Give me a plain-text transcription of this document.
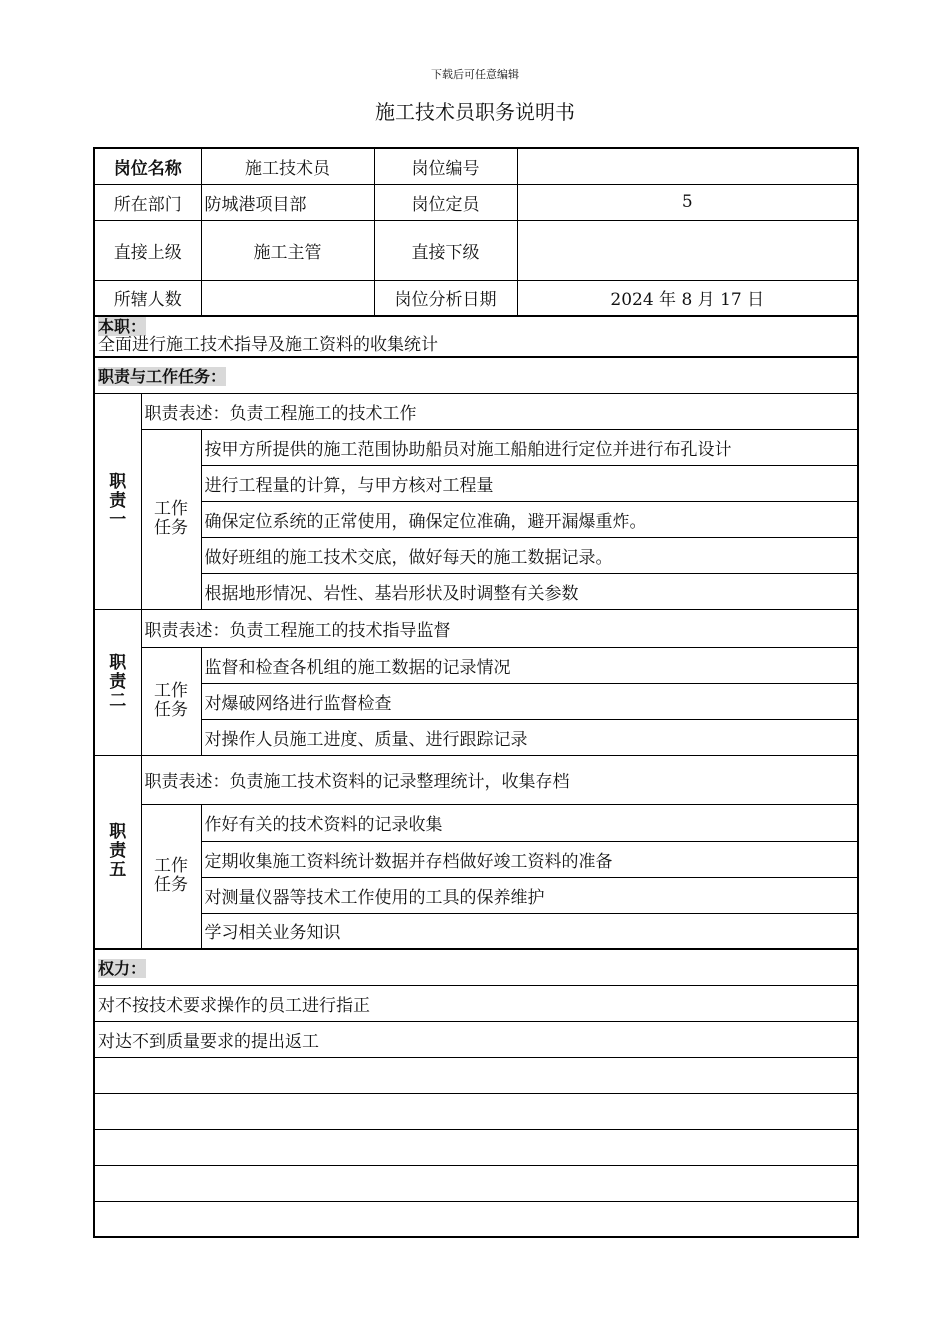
下载后可任意编辑
施工技术员职务说明书
岗位名称		施工技术员	岗位编号	
所在部门		防城港项目部	岗位定员	5
直接上级		施工主管	直接下级	
所辖人数			岗位分析日期	2024 年 8 月 17 日

本职：
全面进行施工技术指导及施工资料的收集统计				

职责与工作任务：				

职责一	职责表述：负责工程施工的技术工作			

	工作任务	按甲方所提供的施工范围协助船员对施工船舶进行定位并进行布孔设计		
		进行工程量的计算，与甲方核对工程量		
		确保定位系统的正常使用，确保定位准确，避开漏爆重炸。		
		做好班组的施工技术交底，做好每天的施工数据记录。		
		根据地形情况、岩性、基岩形状及时调整有关参数		

职责二	职责表述：负责工程施工的技术指导监督			

	工作任务	监督和检查各机组的施工数据的记录情况		
		对爆破网络进行监督检查		
		对操作人员施工进度、质量、进行跟踪记录		

职责五	职责表述：负责施工技术资料的记录整理统计，收集存档			

	工作任务	作好有关的技术资料的记录收集		
		定期收集施工资料统计数据并存档做好竣工资料的准备		
		对测量仪器等技术工作使用的工具的保养维护		
		学习相关业务知识		
权力：				
对不按技术要求操作的员工进行指正				
对达不到质量要求的提出返工				
